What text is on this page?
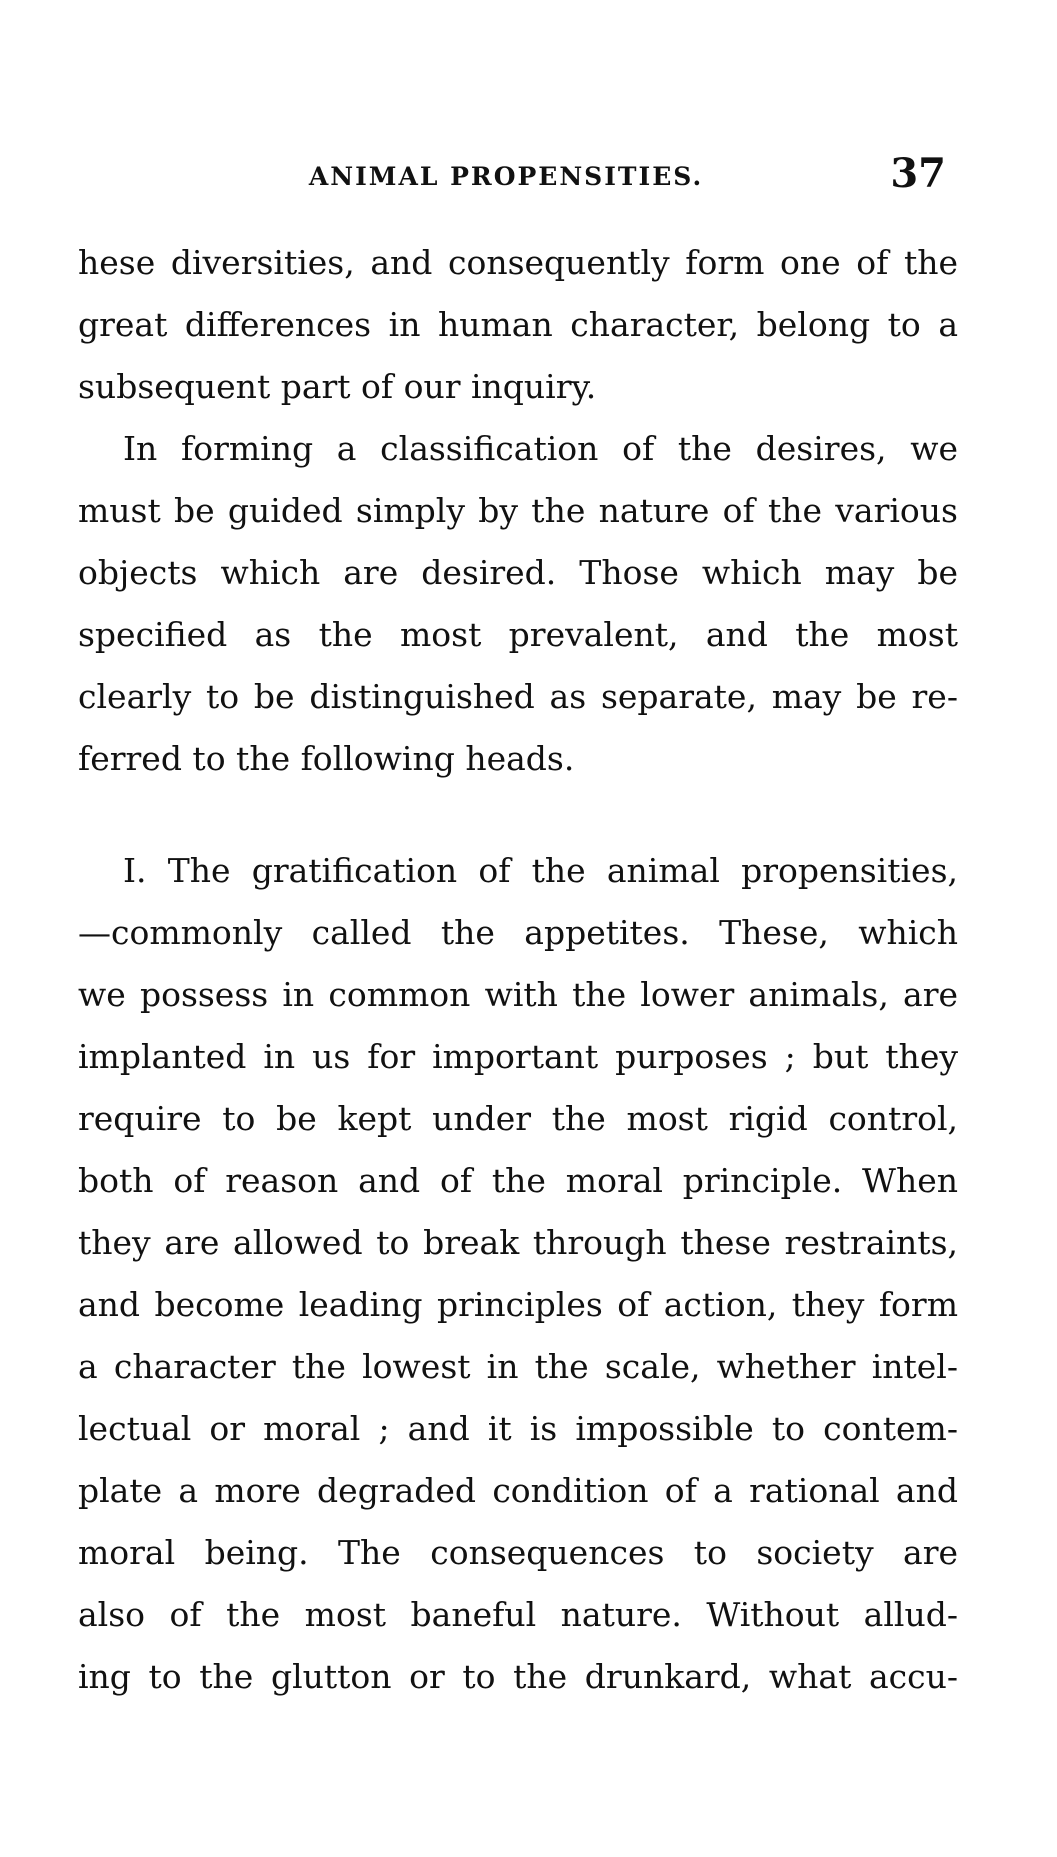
ANIMAL PROPENSITIES.	37
hese diversities, and consequently form one of the
great differences in human character, belong to a
subsequent part of our inquiry.
In forming a classification of the desires, we
must be guided simply by the nature of the various
objects which are desired. Those which may be
specified as the most prevalent, and the most
clearly to be distinguished as separate, may be re-
ferred to the following heads.
I. The gratification of the animal propensities,
—commonly called the appetites. These, which
we possess in common with the lower animals, are
implanted in us for important purposes ; but they
require to be kept under the most rigid control,
both of reason and of the moral principle. When
they are allowed to break through these restraints,
and become leading principles of action, they form
a character the lowest in the scale, whether intel-
lectual or moral ; and it is impossible to contem-
plate a more degraded condition of a rational and
moral being. The consequences to society are
also of the most baneful nature. Without allud-
ing to the glutton or to the drunkard, what accu-
